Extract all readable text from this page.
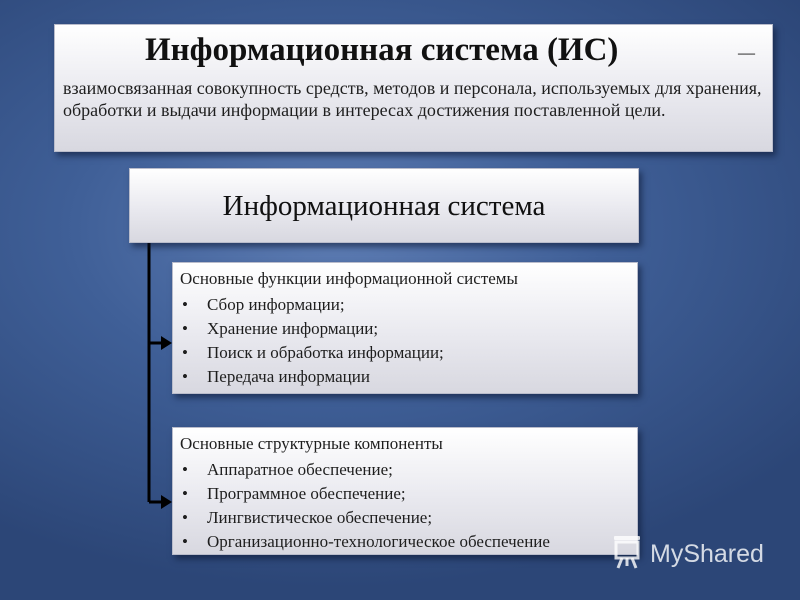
Информационная система (ИС)	—

взаимосвязанная совокупность средств, методов и персонала, используемых для хранения, обработки и выдачи информации в интересах достижения поставленной цели.

Информационная система
Основные функции информационной системы
• Сбор информации;
• Хранение информации;
• Поиск и обработка информации;
• Передача информации
Основные структурные компоненты
• Аппаратное обеспечение;
• Программное обеспечение;
• Лингвистическое обеспечение;
• Организационно-технологическое обеспечение	MyShared
